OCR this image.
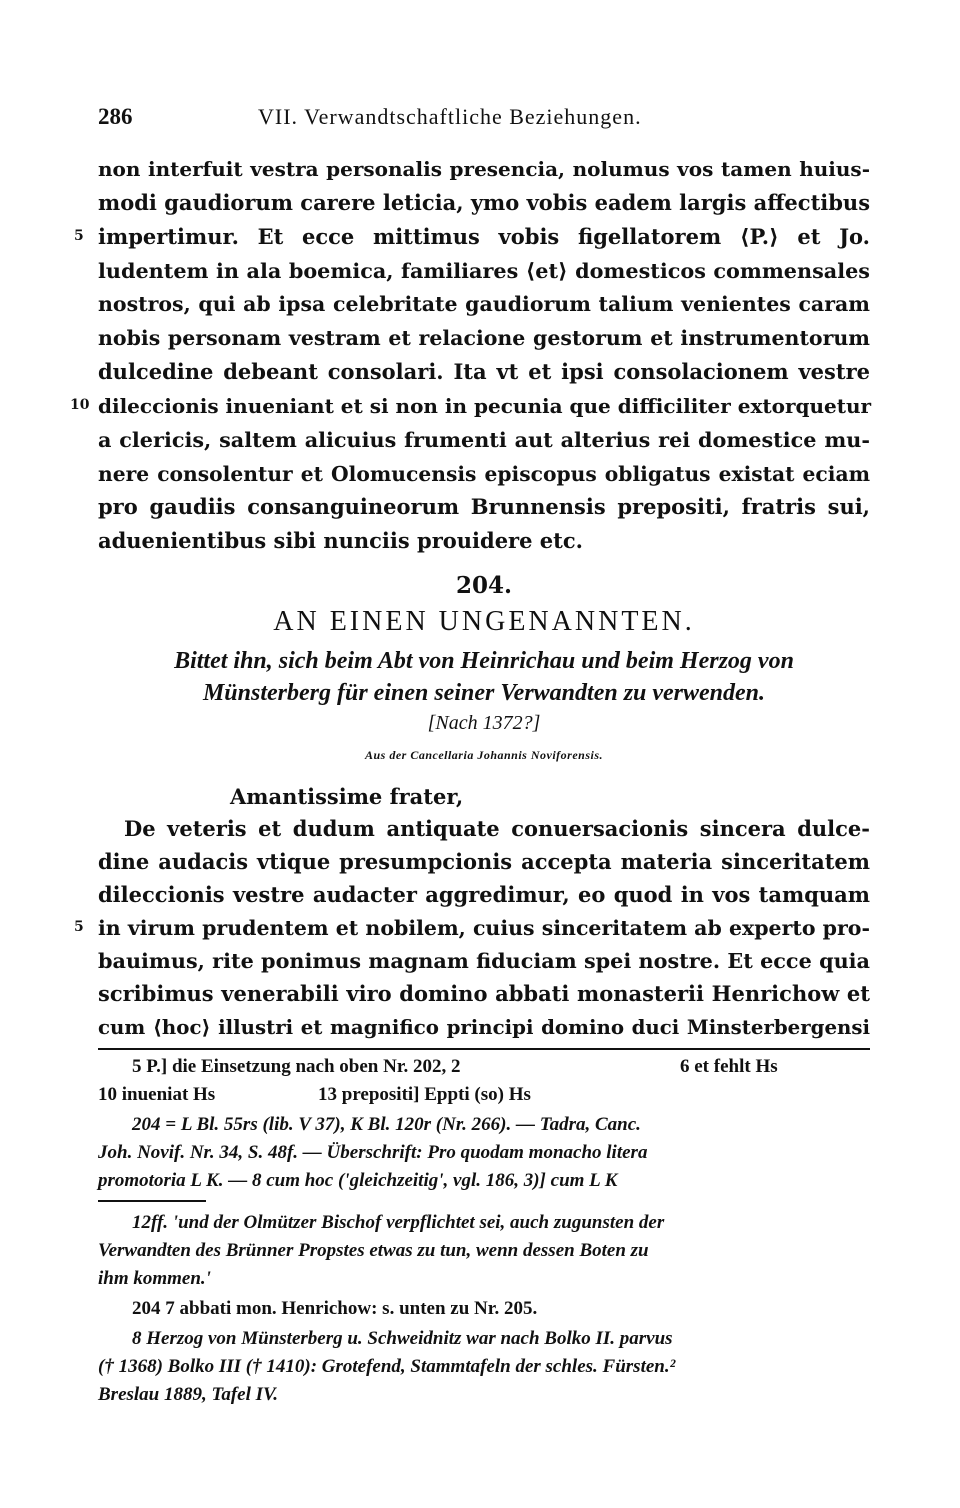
286	VII. Verwandtschaftliche Beziehungen.
non interfuit vestra personalis presencia, nolumus vos tamen huius-
modi gaudiorum carere leticia, ymo vobis eadem largis affectibus
5 impertimur. Et ecce mittimus vobis figellatorem ⟨P.⟩ et Jo.
ludentem in ala boemica, familiares ⟨et⟩ domesticos commensales
nostros, qui ab ipsa celebritate gaudiorum talium venientes caram
nobis personam vestram et relacione gestorum et instrumentorum
dulcedine debeant consolari. Ita vt et ipsi consolacionem vestre
10 dileccionis inueniant et si non in pecunia que difficiliter extorquetur
a clericis, saltem alicuius frumenti aut alterius rei domestice mu-
nere consolentur et Olomucensis episcopus obligatus existat eciam
pro gaudiis consanguineorum Brunnensis prepositi, fratris sui,
aduenientibus sibi nunciis prouidere etc.
204.
AN EINEN UNGENANNTEN.
Bittet ihn, sich beim Abt von Heinrichau und beim Herzog von
Münsterberg für einen seiner Verwandten zu verwenden.
[Nach 1372?]
Aus der Cancellaria Johannis Noviforensis.
Amantissime frater,
De veteris et dudum antiquate conuersacionis sincera dulce-
dine audacis vtique presumpcionis accepta materia sinceritatem
dileccionis vestre audacter aggredimur, eo quod in vos tamquam
5 in virum prudentem et nobilem, cuius sinceritatem ab experto pro-
bauimus, rite ponimus magnam fiduciam spei nostre. Et ecce quia
scribimus venerabili viro domino abbati monasterii Henrichow et
cum ⟨hoc⟩ illustri et magnifico principi domino duci Minsterbergensi
5 P.] die Einsetzung nach oben Nr. 202, 2	6 et fehlt Hs
10 inueniat Hs	13 prepositi] Eppti (so) Hs
204 = L Bl. 55rs (lib. V 37), K Bl. 120r (Nr. 266). — Tadra, Canc.
Joh. Novif. Nr. 34, S. 48f. — Überschrift: Pro quodam monacho litera
promotoria L K. — 8 cum hoc ('gleichzeitig', vgl. 186, 3)] cum L K
12ff. 'und der Olmützer Bischof verpflichtet sei, auch zugunsten der
Verwandten des Brünner Propstes etwas zu tun, wenn dessen Boten zu
ihm kommen.'
204 7 abbati mon. Henrichow: s. unten zu Nr. 205.
8 Herzog von Münsterberg u. Schweidnitz war nach Bolko II. parvus
(† 1368) Bolko III († 1410): Grotefend, Stammtafeln der schles. Fürsten.²
Breslau 1889, Tafel IV.
